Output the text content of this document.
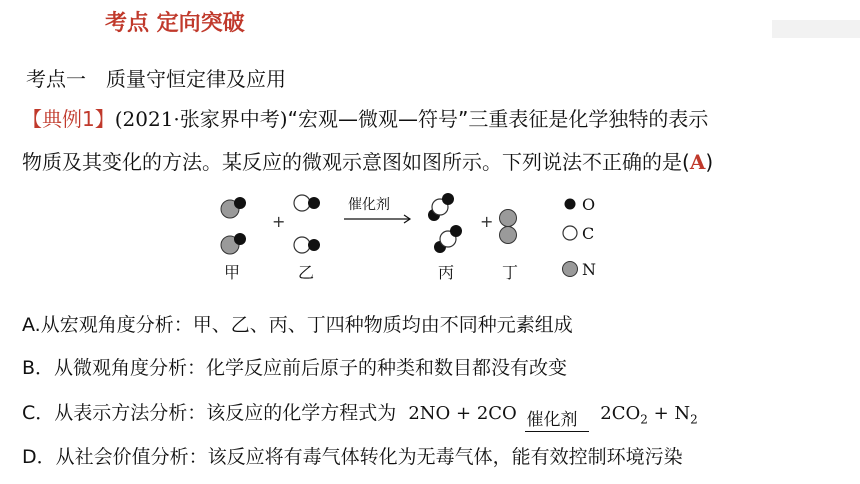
考点 定向突破
考点一　质量守恒定律及应用
【典例1】(2021·张家界中考)“宏观—微观—符号”三重表征是化学独特的表示
物质及其变化的方法。某反应的微观示意图如图所示。下列说法不正确的是(A)
+
催化剂
+
甲	乙	丙	丁
O
C
N
A.从宏观角度分析：甲、乙、丙、丁四种物质均由不同种元素组成
B．从微观角度分析：化学反应前后原子的种类和数目都没有改变
C．从表示方法分析：该反应的化学方程式为 2NO + 2CO 催化剂 $2CO_2 + N_2$
D．从社会价值分析：该反应将有毒气体转化为无毒气体，能有效控制环境污染
